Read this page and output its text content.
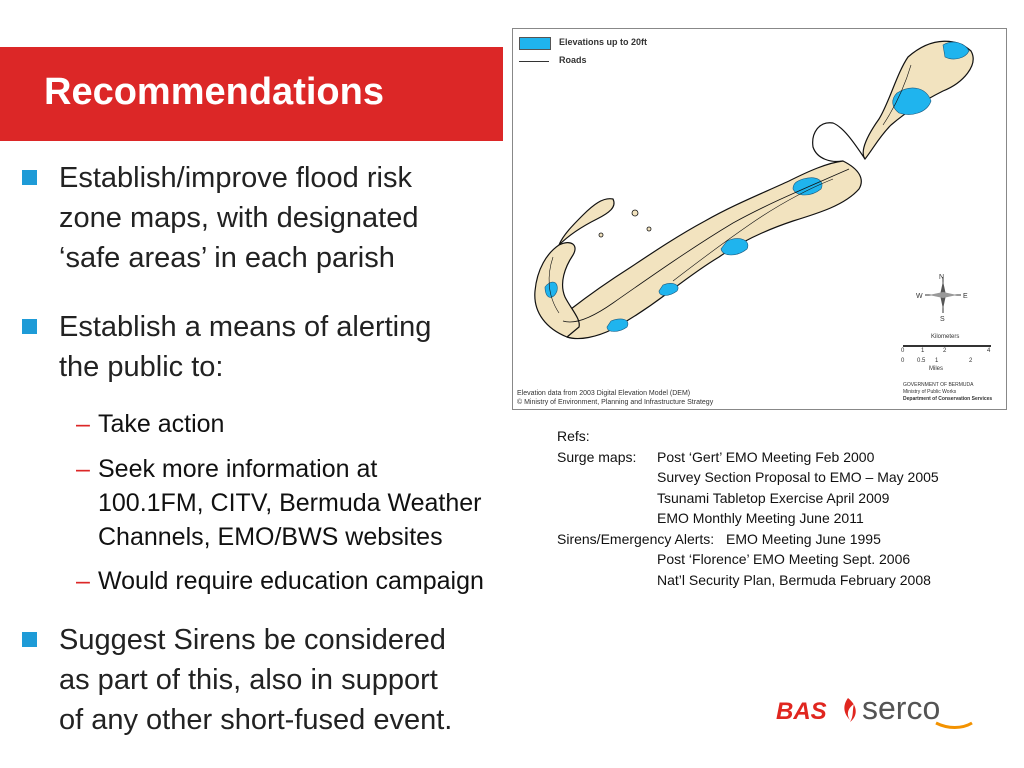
Recommendations
Establish/improve flood risk
zone maps, with designated
‘safe areas’ in each parish
Establish a means of alerting
the public to:
– Take action
– Seek more information at
100.1FM, CITV, Bermuda Weather
Channels, EMO/BWS websites
– Would require education campaign
Suggest Sirens be considered
as part of this, also in support
of any other short-fused event.
Elevations up to 20ft
Roads
N
S
E
W
Kilometers
0	1	2	4
0 0.5 1	2
Miles
GOVERNMENT OF BERMUDA
Ministry of Public Works
Department of Conservation Services
Elevation data from 2003 Digital Elevation Model (DEM)
© Ministry of Environment, Planning and Infrastructure Strategy
Refs:
Surge maps: Post ‘Gert’ EMO Meeting Feb 2000
Survey Section Proposal to EMO – May 2005
Tsunami Tabletop Exercise April 2009
EMO Monthly Meeting June 2011
Sirens/Emergency Alerts: EMO Meeting June 1995
Post ‘Florence’ EMO Meeting Sept. 2006
Nat’l Security Plan, Bermuda February 2008
BAS serco
